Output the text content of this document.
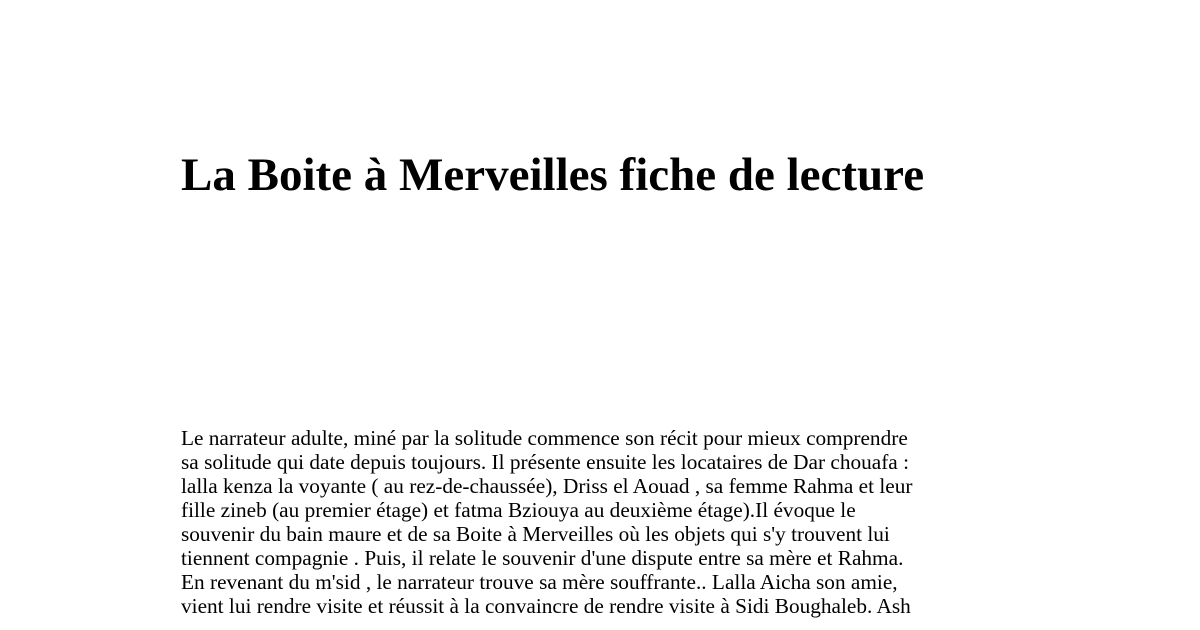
La Boite à Merveilles fiche de lecture

Le narrateur adulte, miné par la solitude commence son récit pour mieux comprendre

sa solitude qui date depuis toujours. Il présente ensuite les locataires de Dar chouafa :

lalla kenza la voyante ( au rez-de-chaussée), Driss el Aouad , sa femme Rahma et leur

fille zineb (au premier étage) et fatma Bziouya au deuxième étage).Il évoque le

souvenir du bain maure et de sa Boite à Merveilles où les objets qui s'y trouvent lui

tiennent compagnie . Puis, il relate le souvenir d'une dispute entre sa mère et Rahma.

En revenant du m'sid , le narrateur trouve sa mère souffrante.. Lalla Aicha son amie,

vient lui rendre visite et réussit à la convaincre de rendre visite à Sidi Boughaleb. Ash
